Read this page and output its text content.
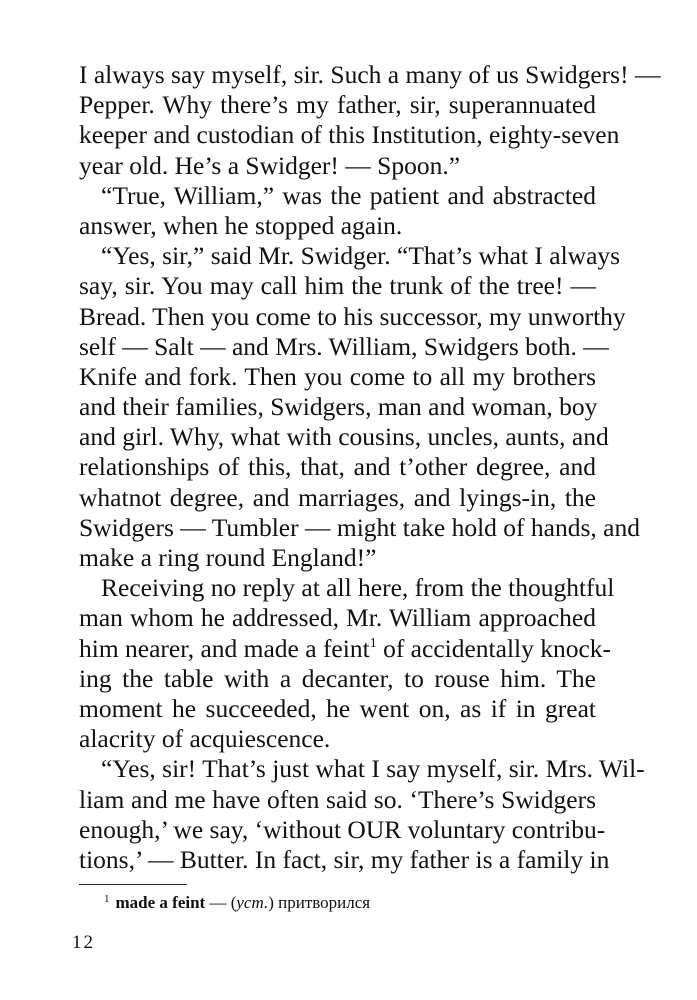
I always say myself, sir. Such a many of us Swidgers! —
Pepper. Why there’s my father, sir, superannuated
keeper and custodian of this Institution, eighty-seven
year old. He’s a Swidger! — Spoon.”
“True, William,” was the patient and abstracted
answer, when he stopped again.
“Yes, sir,” said Mr. Swidger. “That’s what I always
say, sir. You may call him the trunk of the tree! —
Bread. Then you come to his successor, my unworthy
self — Salt — and Mrs. William, Swidgers both. —
Knife and fork. Then you come to all my brothers
and their families, Swidgers, man and woman, boy
and girl. Why, what with cousins, uncles, aunts, and
relationships of this, that, and t’other degree, and
whatnot degree, and marriages, and lyings-in, the
Swidgers — Tumbler — might take hold of hands, and
make a ring round England!”
Receiving no reply at all here, from the thoughtful
man whom he addressed, Mr. William approached
him nearer, and made a feint$^1$ of accidentally knock-
ing the table with a decanter, to rouse him. The
moment he succeeded, he went on, as if in great
alacrity of acquiescence.
“Yes, sir! That’s just what I say myself, sir. Mrs. Wil-
liam and me have often said so. ‘There’s Swidgers
enough,’ we say, ‘without OUR voluntary contribu-
tions,’ — Butter. In fact, sir, my father is a family in
$^1$ made a feint — (уст.) притворился
12
